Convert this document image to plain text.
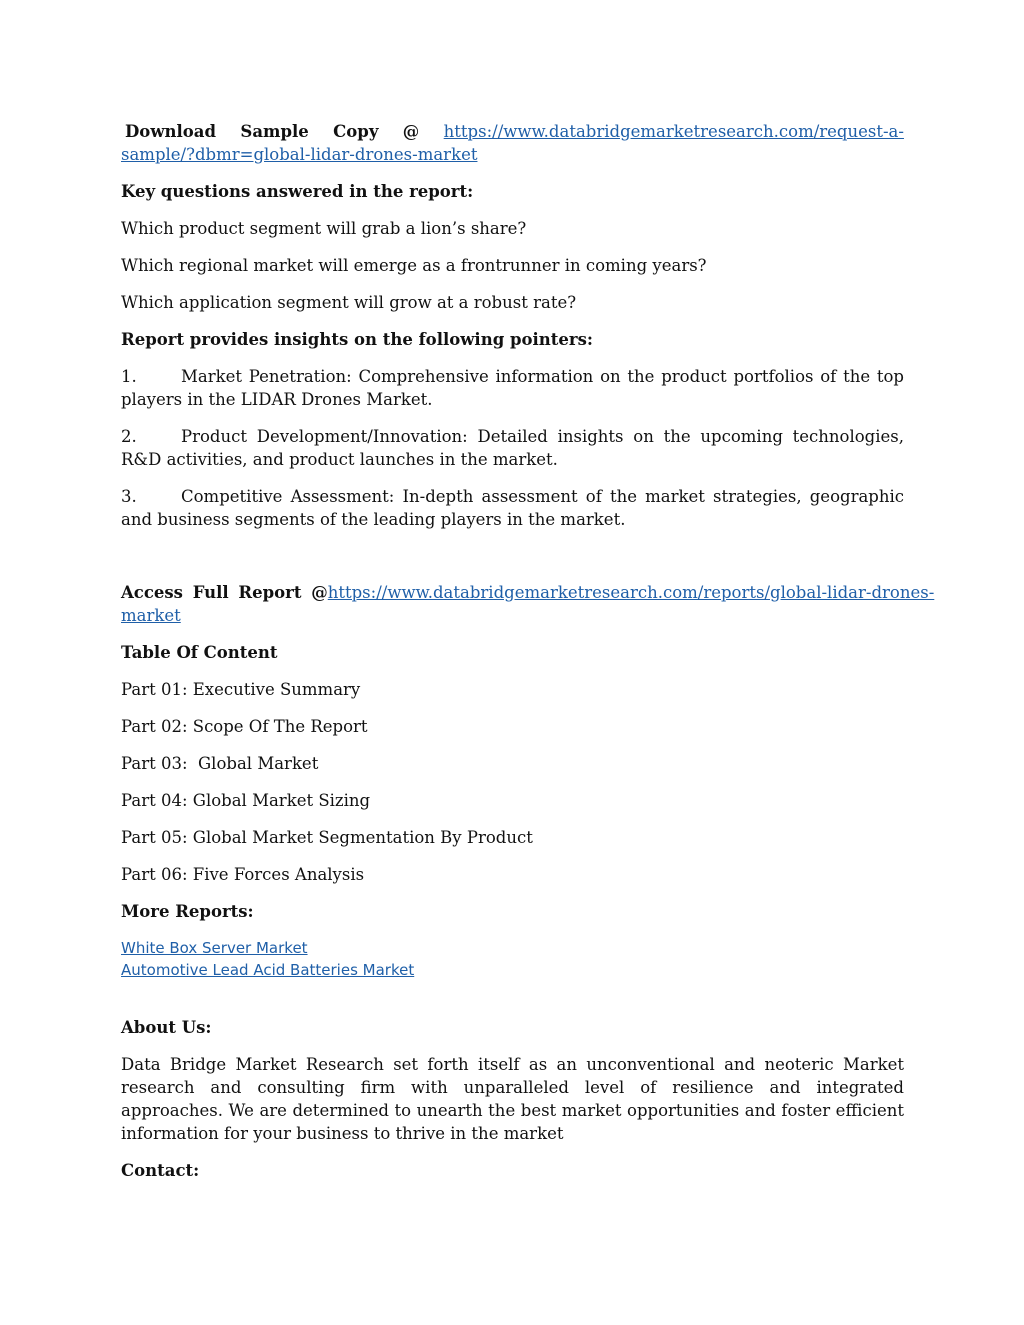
Download Sample Copy @ https://www.databridgemarketresearch.com/request-a-
sample/?dbmr=global-lidar-drones-market

Key questions answered in the report:

Which product segment will grab a lion’s share?

Which regional market will emerge as a frontrunner in coming years?

Which application segment will grow at a robust rate?

Report provides insights on the following pointers:

1.	Market Penetration: Comprehensive information on the product portfolios of the top players in the LIDAR Drones Market.

2.	Product Development/Innovation: Detailed insights on the upcoming technologies, R&D activities, and product launches in the market.

3.	Competitive Assessment: In-depth assessment of the market strategies, geographic and business segments of the leading players in the market.

Access Full Report @ https://www.databridgemarketresearch.com/reports/global-lidar-drones-
market

Table Of Content

Part 01: Executive Summary

Part 02: Scope Of The Report

Part 03:  Global Market

Part 04: Global Market Sizing

Part 05: Global Market Segmentation By Product

Part 06: Five Forces Analysis

More Reports:

White Box Server Market
Automotive Lead Acid Batteries Market

About Us:

Data Bridge Market Research set forth itself as an unconventional and neoteric Market research and consulting firm with unparalleled level of resilience and integrated approaches. We are determined to unearth the best market opportunities and foster efficient information for your business to thrive in the market

Contact:
